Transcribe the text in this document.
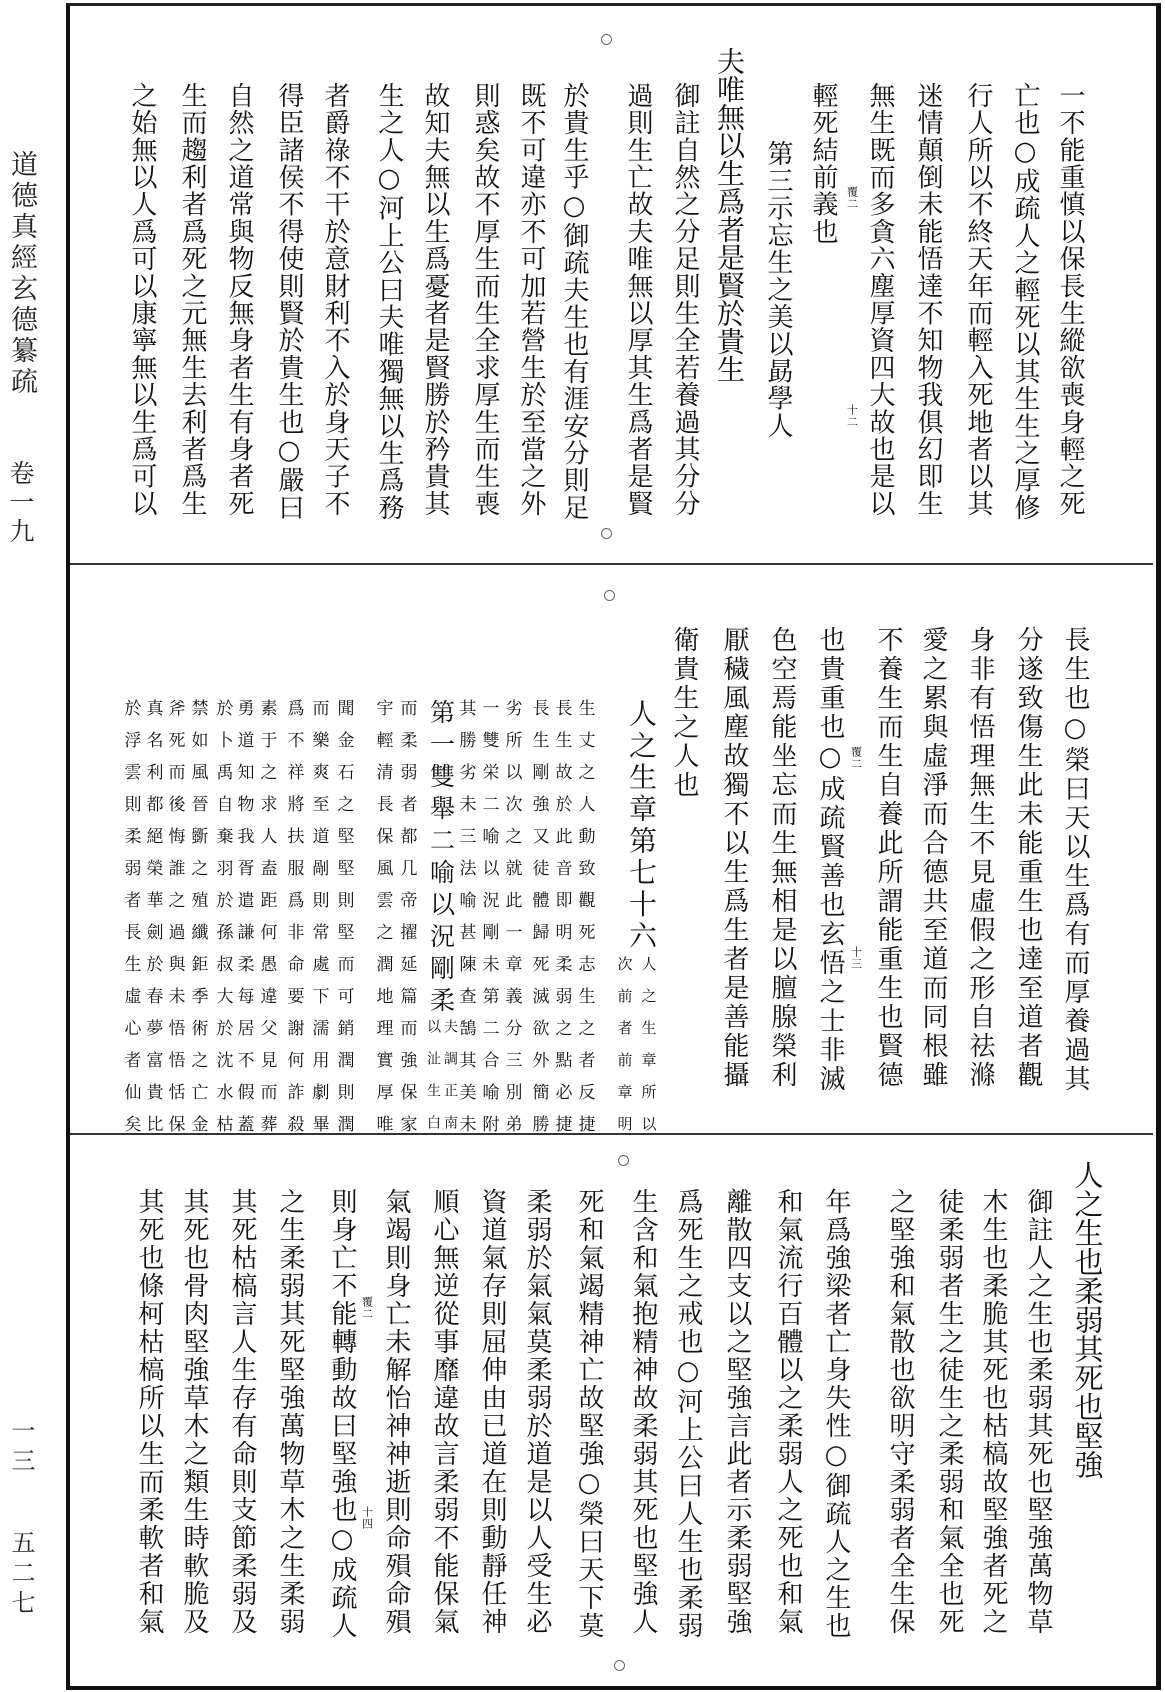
道德真經玄德纂疏
卷一九
一三
五二七
一不能重慎以保長生縱欲喪身輕之死
亡也○成疏人之輕死以其生生之厚修
行人所以不終天年而輕入死地者以其
迷情顛倒未能悟達不知物我俱幻即生
無生既而多貪六塵厚資四大故也是以
輕死結前義也
第三示忘生之美以勗學人
夫唯無以生爲者是賢於貴生
御註自然之分足則生全若養過其分分
過則生亡故夫唯無以厚其生爲者是賢
於貴生乎○御疏夫生也有涯安分則足
既不可違亦不可加若營生於至當之外
則惑矣故不厚生而生全求厚生而生喪
故知夫無以生爲憂者是賢勝於矜貴其
生之人○河上公曰夫唯獨無以生爲務
者爵祿不干於意財利不入於身天子不
得臣諸侯不得使則賢於貴生也○嚴曰
自然之道常與物反無身者生有身者死
生而趨利者爲死之元無生去利者爲生
之始無以人爲可以康寧無以生爲可以	覆二
十二
長生也○榮曰天以生爲有而厚養過其
分遂致傷生此未能重生也達至道者觀
身非有悟理無生不見虛假之形自祛滌
愛之累與虛淨而合德共至道而同根雖
不養生而生自養此所謂能重生也賢德
也貴重也○成疏賢善也玄悟之士非滅
色空焉能坐忘而生無相是以膻腺榮利
厭穢風塵故獨不以生爲生者是善能攝
衛貴生之人也	覆二
十三
人之生章第七十六
人之生章所以
次前者前章明
生丈之人動致觀死志生之者反捷
長生故於此音即明柔弱之點必捷
長生剛強又徒體歸死滅欲外簡勝
劣所以次之就此一章義分三別弟
一雙栄二喻以況剛未第二合喻附
其勝劣未三法喻甚陳查鵠其美未
第一雙舉二喻以況剛柔
而柔弱者都几帝擢延篇而強保家
宇輕清長保風雲之潤地理實厚唯	夫調正南
以沚生白
聞金石之堅堅則堅而可銷潤則潤
而樂爽至道剮則常處下濡用劇畢
爲不祥將扶服爲非命要謝何詐殺
素于之求人盍距何愚違父見而葬
勇道知物我胥遣謙柔每居不假蓋
於卜禹自棄羽於孫叔大於沈水枯
禁如風晉斵之殖纖鉅季術之亡金
斧死而後悔誰之過與未悟悟恬保
真名利都絕榮華劍於春夢富貴比
於浮雲則柔弱者長生虛心者仙矣
人之生也柔弱其死也堅強
御註人之生也柔弱其死也堅強萬物草
木生也柔脆其死也枯槁故堅強者死之
徒柔弱者生之徒生之柔弱和氣全也死
之堅強和氣散也欲明守柔弱者全生保
年爲強梁者亡身失性○御疏人之生也
和氣流行百體以之柔弱人之死也和氣
離散四支以之堅強言此者示柔弱堅強
爲死生之戒也○河上公曰人生也柔弱
生含和氣抱精神故柔弱其死也堅強人
死和氣竭精神亡故堅強○榮曰天下莫
柔弱於氣氣莫柔弱於道是以人受生必
資道氣存則屈伸由已道在則動靜任神
順心無逆從事靡違故言柔弱不能保氣
氣竭則身亡未解怡神神逝則命殞命殞
則身亡不能轉動故曰堅強也○成疏人
之生柔弱其死堅強萬物草木之生柔弱
其死枯槁言人生存有命則支節柔弱及
其死也骨肉堅強草木之類生時軟脆及
其死也條柯枯槁所以生而柔軟者和氣	覆二
十四
